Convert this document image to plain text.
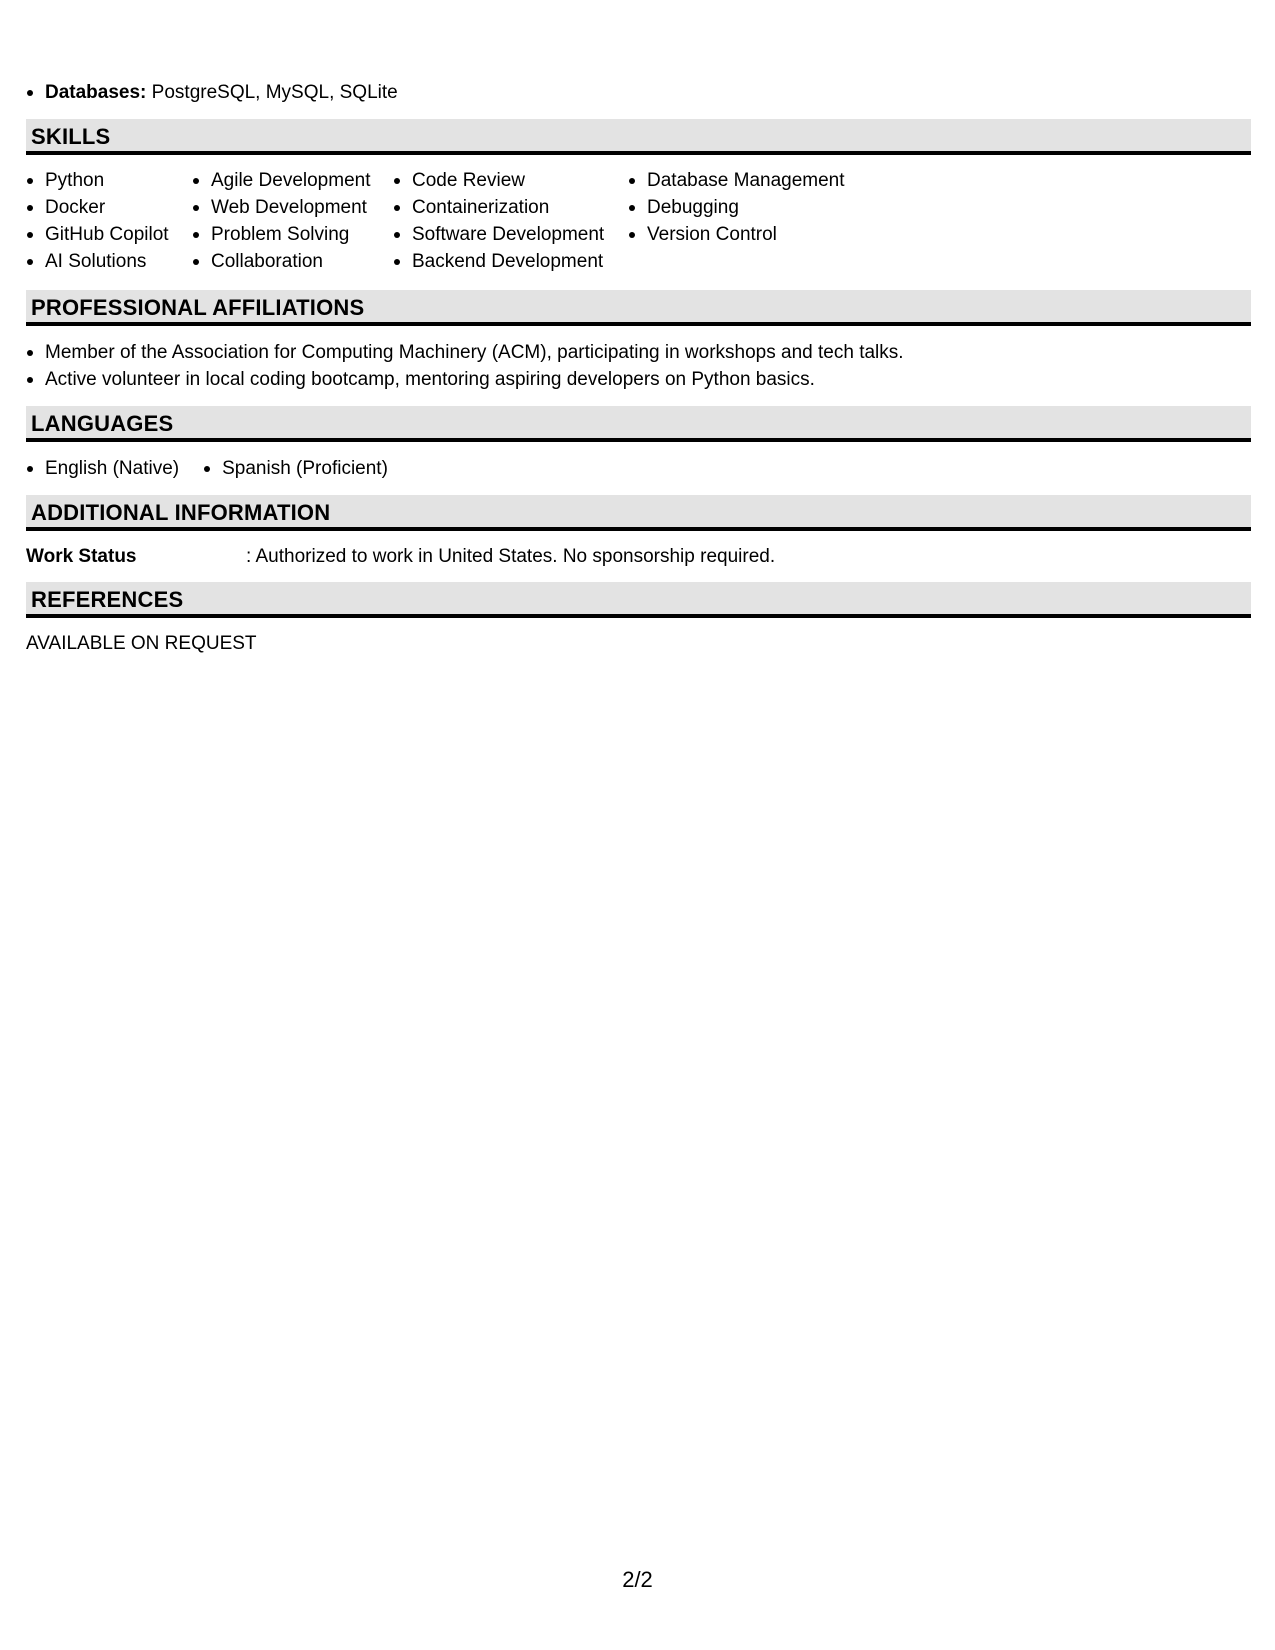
Databases: PostgreSQL, MySQL, SQLite
SKILLS
Python
Docker
GitHub Copilot
AI Solutions
Agile Development
Web Development
Problem Solving
Collaboration
Code Review
Containerization
Software Development
Backend Development
Database Management
Debugging
Version Control
PROFESSIONAL AFFILIATIONS
Member of the Association for Computing Machinery (ACM), participating in workshops and tech talks.
Active volunteer in local coding bootcamp, mentoring aspiring developers on Python basics.
LANGUAGES
English (Native)	Spanish (Proficient)
ADDITIONAL INFORMATION
Work Status	: Authorized to work in United States. No sponsorship required.
REFERENCES
AVAILABLE ON REQUEST
2/2
